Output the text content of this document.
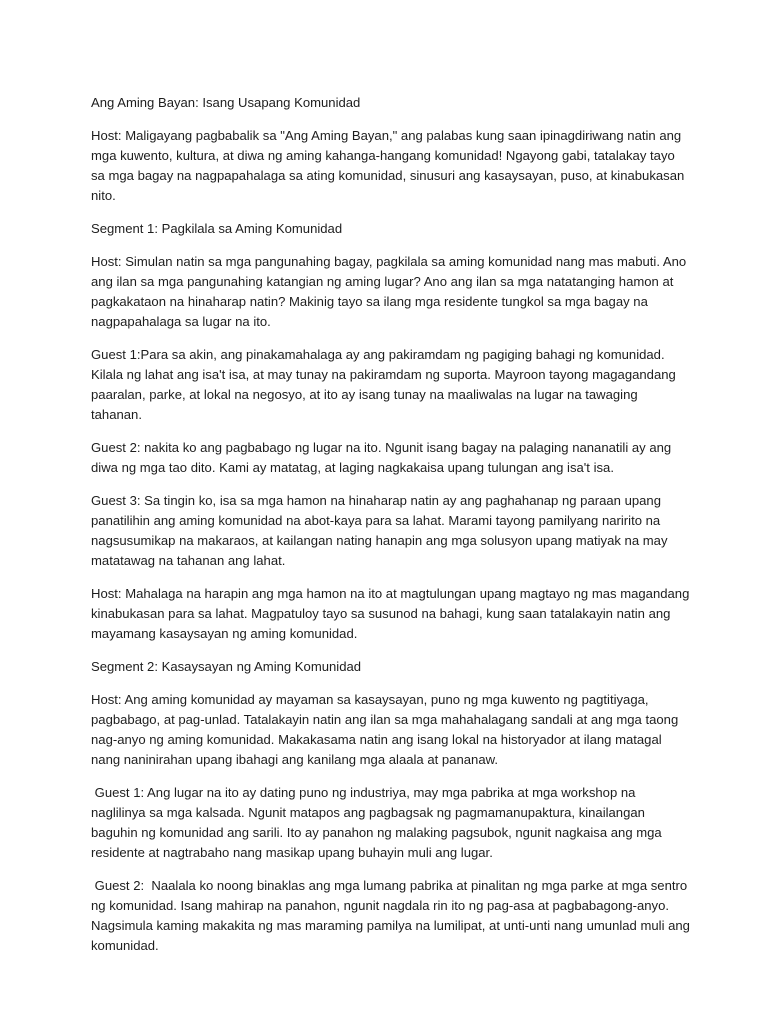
Ang Aming Bayan: Isang Usapang Komunidad

Host: Maligayang pagbabalik sa "Ang Aming Bayan," ang palabas kung saan ipinagdiriwang natin ang mga kuwento, kultura, at diwa ng aming kahanga-hangang komunidad! Ngayong gabi, tatalakay tayo sa mga bagay na nagpapahalaga sa ating komunidad, sinusuri ang kasaysayan, puso, at kinabukasan nito.

Segment 1: Pagkilala sa Aming Komunidad

Host: Simulan natin sa mga pangunahing bagay, pagkilala sa aming komunidad nang mas mabuti. Ano ang ilan sa mga pangunahing katangian ng aming lugar? Ano ang ilan sa mga natatanging hamon at pagkakataon na hinaharap natin? Makinig tayo sa ilang mga residente tungkol sa mga bagay na nagpapahalaga sa lugar na ito.

Guest 1:Para sa akin, ang pinakamahalaga ay ang pakiramdam ng pagiging bahagi ng komunidad. Kilala ng lahat ang isa't isa, at may tunay na pakiramdam ng suporta. Mayroon tayong magagandang paaralan, parke, at lokal na negosyo, at ito ay isang tunay na maaliwalas na lugar na tawaging tahanan.

Guest 2: nakita ko ang pagbabago ng lugar na ito. Ngunit isang bagay na palaging nananatili ay ang diwa ng mga tao dito. Kami ay matatag, at laging nagkakaisa upang tulungan ang isa't isa.

Guest 3: Sa tingin ko, isa sa mga hamon na hinaharap natin ay ang paghahanap ng paraan upang panatilihin ang aming komunidad na abot-kaya para sa lahat. Marami tayong pamilyang naririto na nagsusumikap na makaraos, at kailangan nating hanapin ang mga solusyon upang matiyak na may matatawag na tahanan ang lahat.

Host: Mahalaga na harapin ang mga hamon na ito at magtulungan upang magtayo ng mas magandang kinabukasan para sa lahat. Magpatuloy tayo sa susunod na bahagi, kung saan tatalakayin natin ang mayamang kasaysayan ng aming komunidad.

Segment 2: Kasaysayan ng Aming Komunidad

Host: Ang aming komunidad ay mayaman sa kasaysayan, puno ng mga kuwento ng pagtitiyaga, pagbabago, at pag-unlad. Tatalakayin natin ang ilan sa mga mahahalagang sandali at ang mga taong nag-anyo ng aming komunidad. Makakasama natin ang isang lokal na historyador at ilang matagal nang naninirahan upang ibahagi ang kanilang mga alaala at pananaw.

Guest 1: Ang lugar na ito ay dating puno ng industriya, may mga pabrika at mga workshop na naglilinya sa mga kalsada. Ngunit matapos ang pagbagsak ng pagmamanupaktura, kinailangan baguhin ng komunidad ang sarili. Ito ay panahon ng malaking pagsubok, ngunit nagkaisa ang mga residente at nagtrabaho nang masikap upang buhayin muli ang lugar.

Guest 2:  Naalala ko noong binaklas ang mga lumang pabrika at pinalitan ng mga parke at mga sentro ng komunidad. Isang mahirap na panahon, ngunit nagdala rin ito ng pag-asa at pagbabagong-anyo. Nagsimula kaming makakita ng mas maraming pamilya na lumilipat, at unti-unti nang umunlad muli ang komunidad.
